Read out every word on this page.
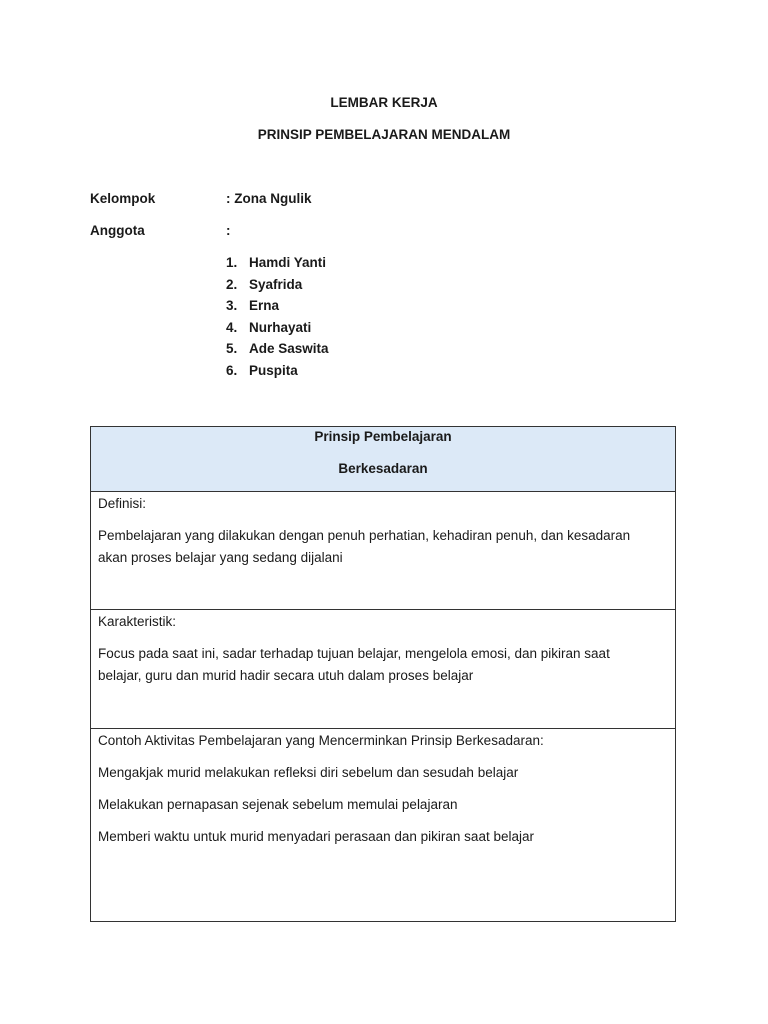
LEMBAR KERJA
PRINSIP PEMBELAJARAN MENDALAM
Kelompok	: Zona Ngulik
Anggota	:
1. Hamdi Yanti
2. Syafrida
3. Erna
4. Nurhayati
5. Ade Saswita
6. Puspita
Prinsip Pembelajaran
Berkesadaran

Definisi:

Pembelajaran yang dilakukan dengan penuh perhatian, kehadiran penuh, dan kesadaran

akan proses belajar yang sedang dijalani

Karakteristik:

Focus pada saat ini, sadar terhadap tujuan belajar, mengelola emosi, dan pikiran saat

belajar, guru dan murid hadir secara utuh dalam proses belajar

Contoh Aktivitas Pembelajaran yang Mencerminkan Prinsip Berkesadaran:

Mengakjak murid melakukan refleksi diri sebelum dan sesudah belajar

Melakukan pernapasan sejenak sebelum memulai pelajaran

Memberi waktu untuk murid menyadari perasaan dan pikiran saat belajar
